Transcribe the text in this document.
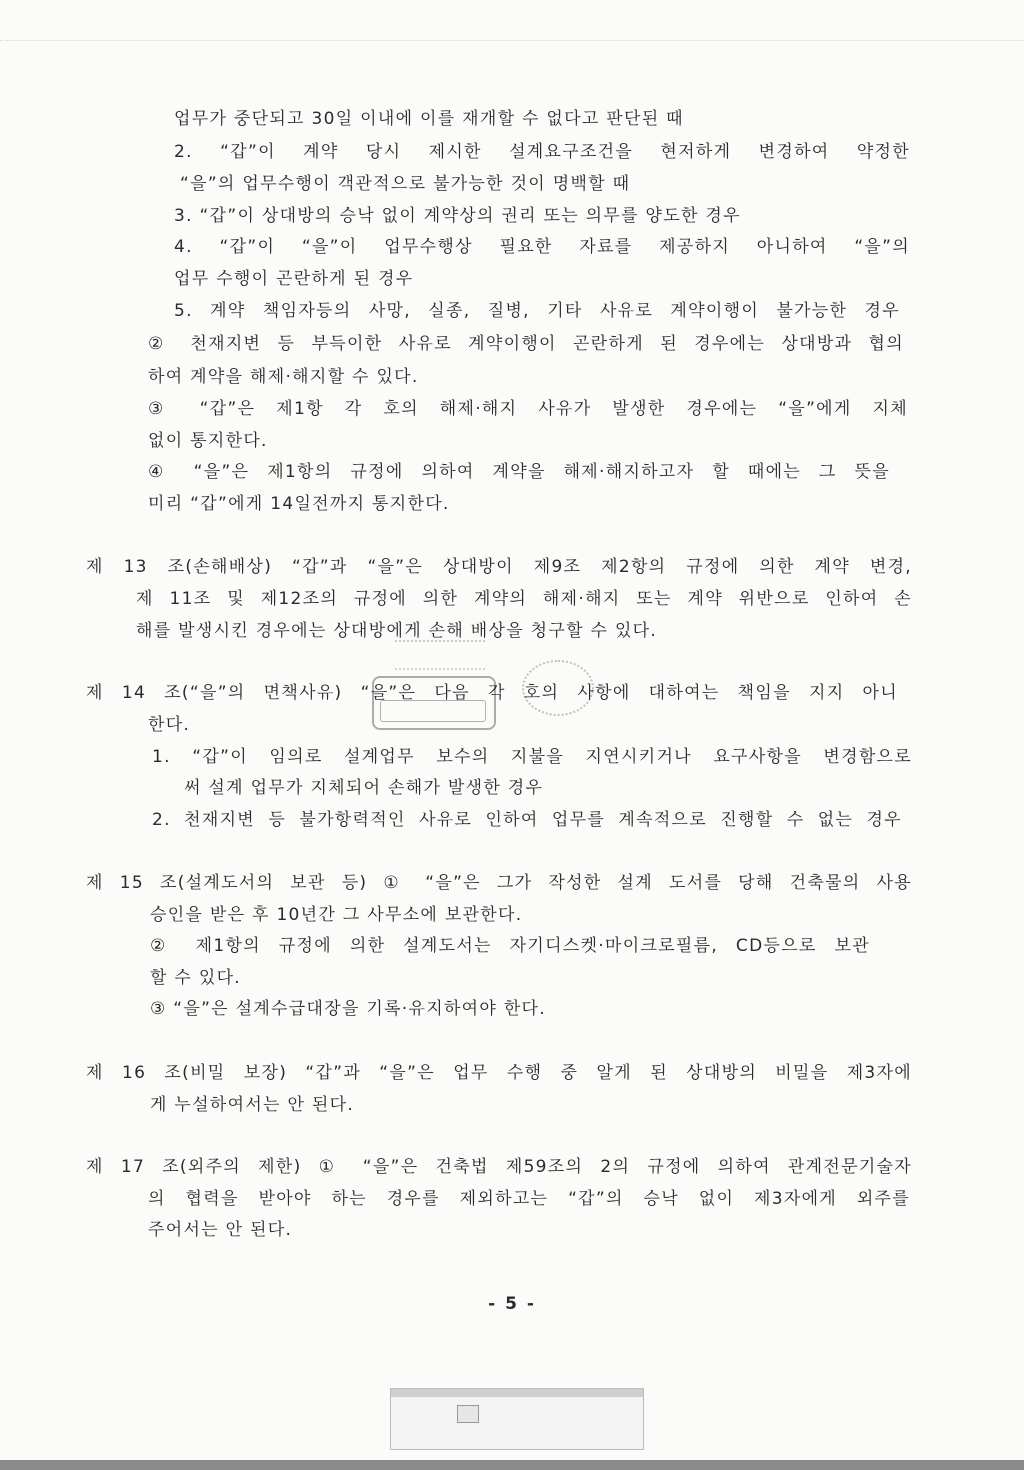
업무가 중단되고 30일 이내에 이를 재개할 수 없다고 판단된 때
2. “갑”이 계약 당시 제시한 설계요구조건을 현저하게 변경하여 약정한
“을”의 업무수행이 객관적으로 불가능한 것이 명백할 때
3. “갑”이 상대방의 승낙 없이 계약상의 권리 또는 의무를 양도한 경우
4. “갑”이 “을”이 업무수행상 필요한 자료를 제공하지 아니하여 “을”의
업무 수행이 곤란하게 된 경우
5. 계약 책임자등의 사망, 실종, 질병, 기타 사유로 계약이행이 불가능한 경우
② 천재지변 등 부득이한 사유로 계약이행이 곤란하게 된 경우에는 상대방과 협의
하여 계약을 해제·해지할 수 있다.
③ “갑”은 제1항 각 호의 해제·해지 사유가 발생한 경우에는 “을”에게 지체
없이 통지한다.
④ “을”은 제1항의 규정에 의하여 계약을 해제·해지하고자 할 때에는 그 뜻을
미리 “갑”에게 14일전까지 통지한다.
제 13 조(손해배상) “갑”과 “을”은 상대방이 제9조 제2항의 규정에 의한 계약 변경,
제 11조 및 제12조의 규정에 의한 계약의 해제·해지 또는 계약 위반으로 인하여 손
해를 발생시킨 경우에는 상대방에게 손해 배상을 청구할 수 있다.
제 14 조(“을”의 면책사유) “을”은 다음 각 호의 사항에 대하여는 책임을 지지 아니
한다.
1. “갑”이 임의로 설계업무 보수의 지불을 지연시키거나 요구사항을 변경함으로
써 설계 업무가 지체되어 손해가 발생한 경우
2. 천재지변 등 불가항력적인 사유로 인하여 업무를 계속적으로 진행할 수 없는 경우
제 15 조(설계도서의 보관 등) ① “을”은 그가 작성한 설계 도서를 당해 건축물의 사용
승인을 받은 후 10년간 그 사무소에 보관한다.
② 제1항의 규정에 의한 설계도서는 자기디스켓·마이크로필름, CD등으로 보관
할 수 있다.
③ “을”은 설계수급대장을 기록·유지하여야 한다.
제 16 조(비밀 보장) “갑”과 “을”은 업무 수행 중 알게 된 상대방의 비밀을 제3자에
게 누설하여서는 안 된다.
제 17 조(외주의 제한) ① “을”은 건축법 제59조의 2의 규정에 의하여 관계전문기술자
의 협력을 받아야 하는 경우를 제외하고는 “갑”의 승낙 없이 제3자에게 외주를
주어서는 안 된다.
- 5 -
